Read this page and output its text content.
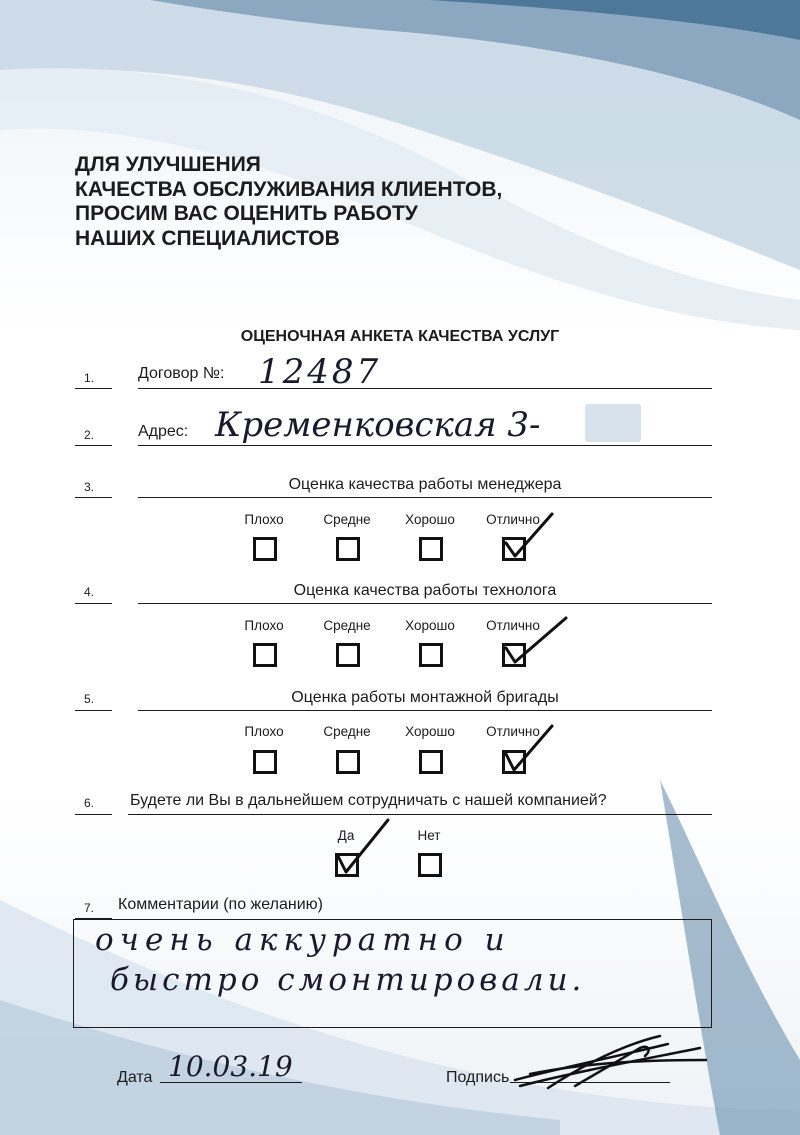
ДЛЯ УЛУЧШЕНИЯ
КАЧЕСТВА ОБСЛУЖИВАНИЯ КЛИЕНТОВ,
ПРОСИМ ВАС ОЦЕНИТЬ РАБОТУ
НАШИХ СПЕЦИАЛИСТОВ
ОЦЕНОЧНАЯ АНКЕТА КАЧЕСТВА УСЛУГ
1.	Договор №: 12487
2.	Адрес: Кременковская 3-
3.	Оценка качества работы менеджера
Плохо	Средне	Хорошо	Отлично
4.	Оценка качества работы технолога
Плохо	Средне	Хорошо	Отлично
5.	Оценка работы монтажной бригады
Плохо	Средне	Хорошо	Отлично
6. Будете ли Вы в дальнейшем сотрудничать с нашей компанией?
Да	Нет
7. Комментарии (по желанию)
очень аккуратно и
быстро смонтировали.
Дата 10.03.19	Подпись
